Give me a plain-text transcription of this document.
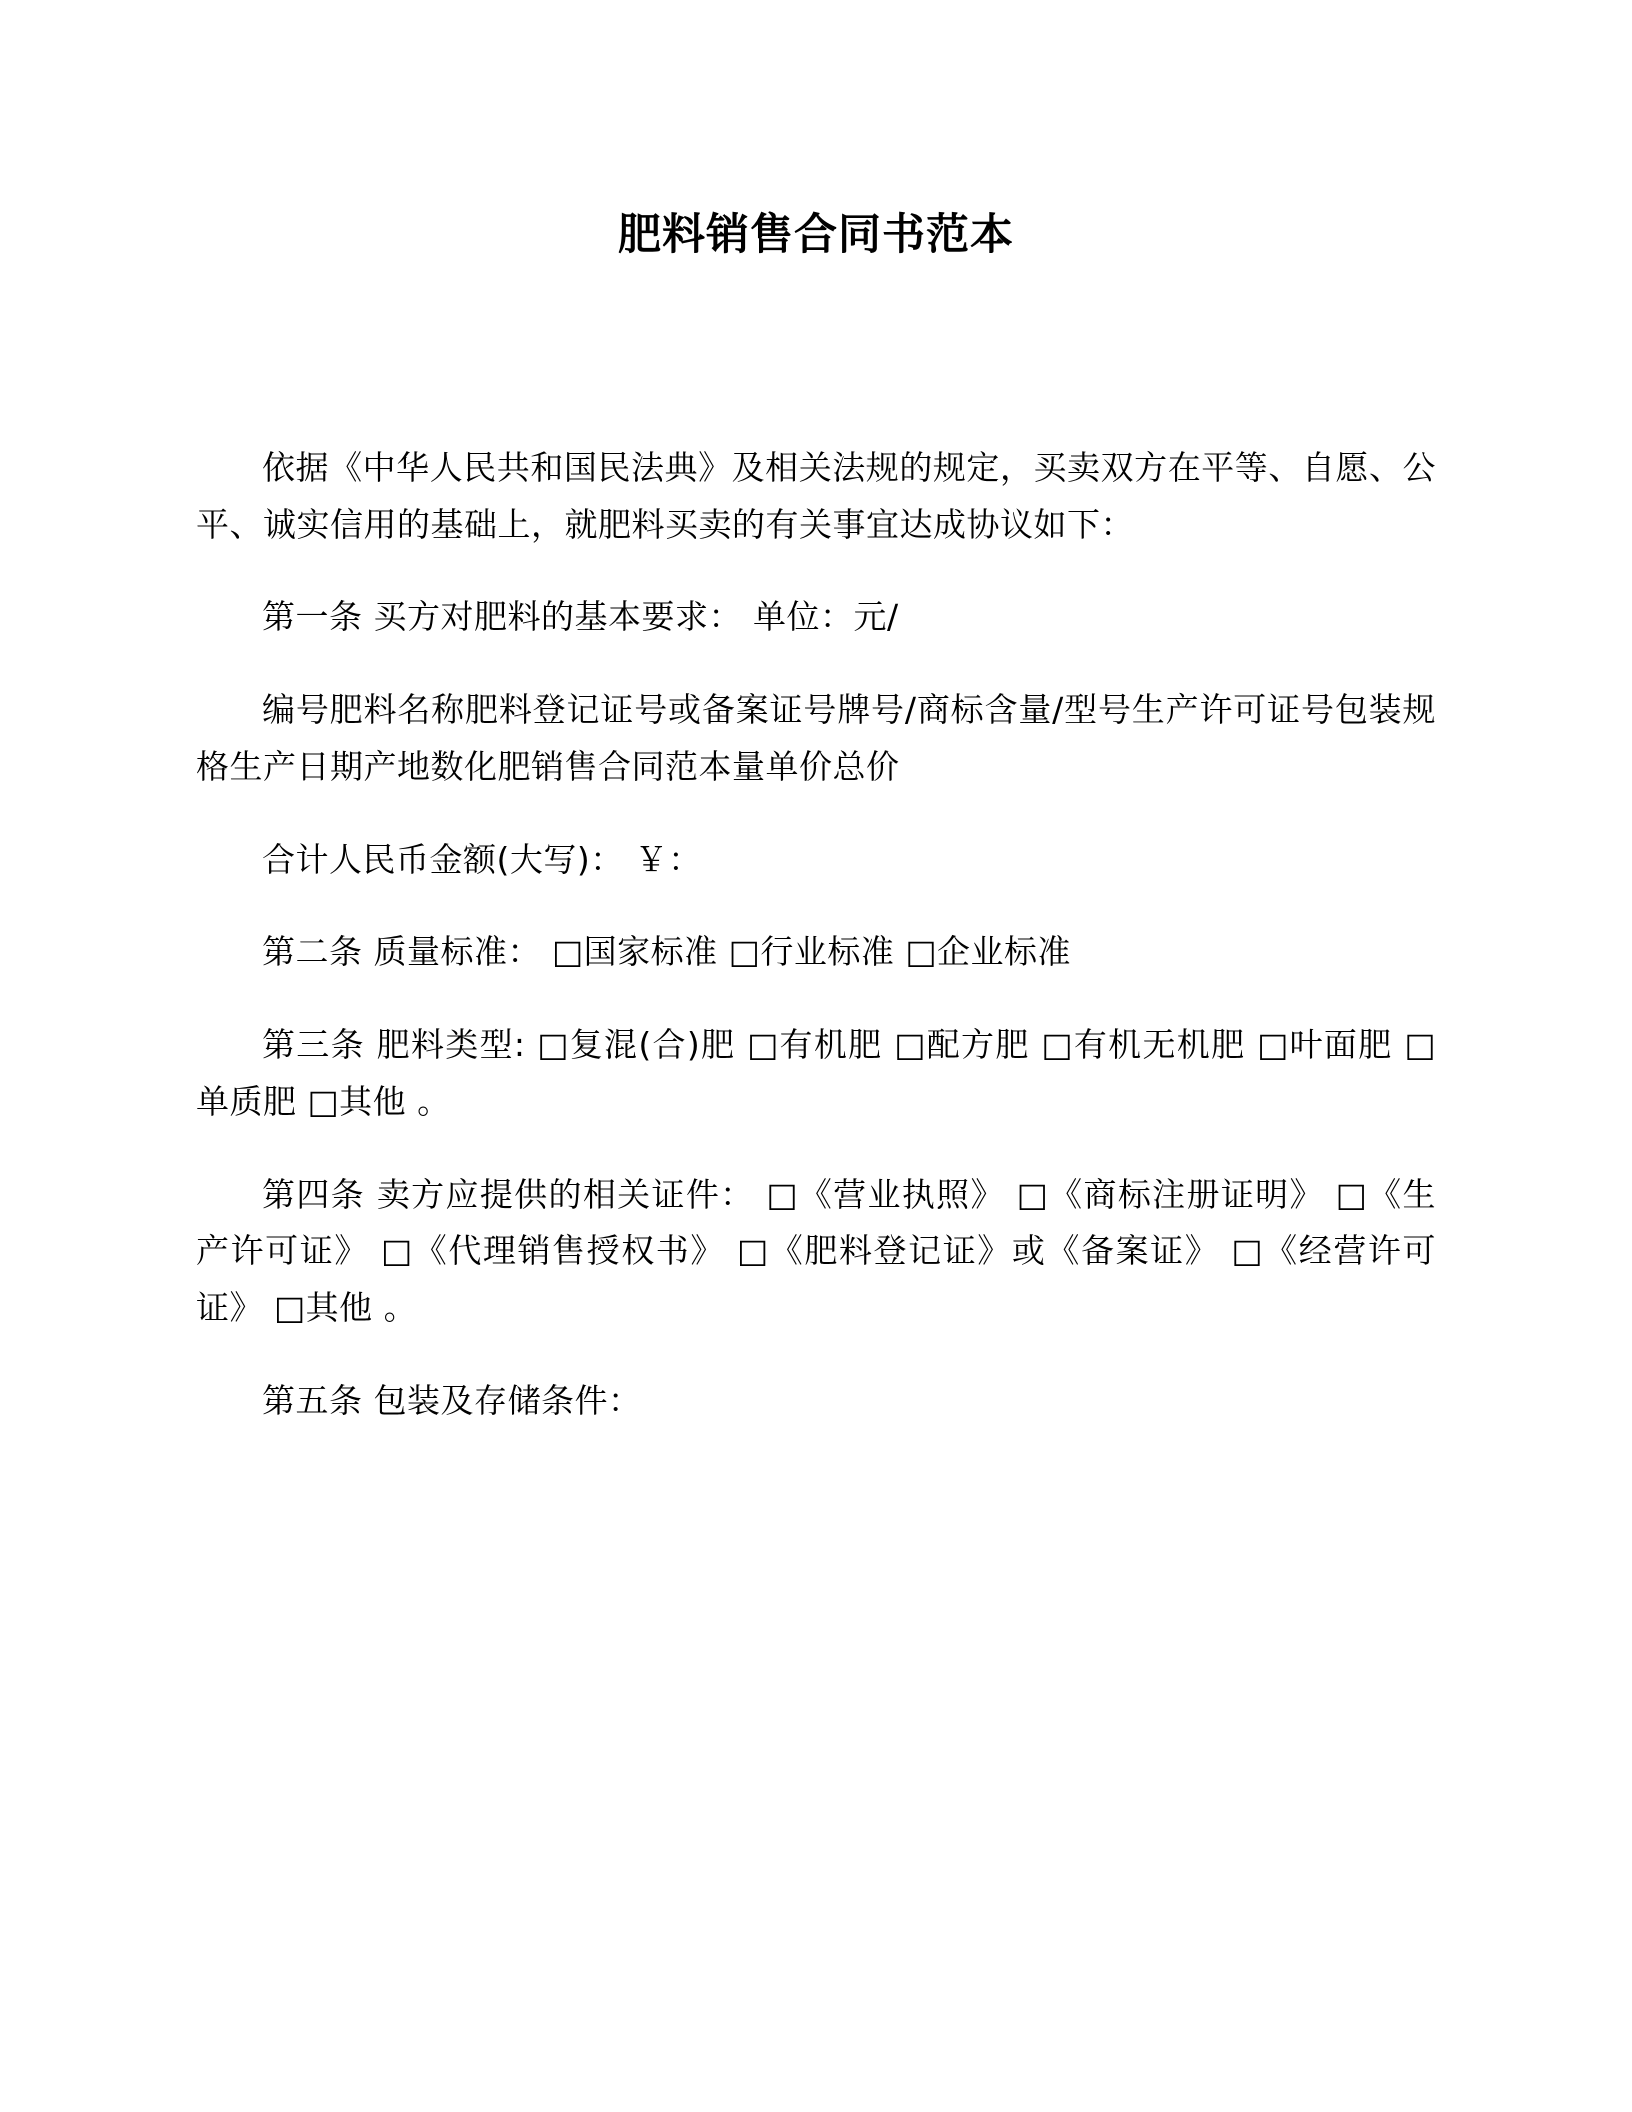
肥料销售合同书范本

依据《中华人民共和国民法典》及相关法规的规定，买卖双方在平等、自愿、公平、诚实信用的基础上，就肥料买卖的有关事宜达成协议如下：

第一条 买方对肥料的基本要求： 单位：元/

编号肥料名称肥料登记证号或备案证号牌号/商标含量/型号生产许可证号包装规格生产日期产地数化肥销售合同范本量单价总价

合计人民币金额(大写)： ￥：

第二条 质量标准： □国家标准 □行业标准 □企业标准

第三条 肥料类型: □复混(合)肥 □有机肥 □配方肥 □有机无机肥 □叶面肥 □单质肥 □其他 。

第四条 卖方应提供的相关证件： □《营业执照》 □《商标注册证明》 □《生产许可证》 □《代理销售授权书》 □《肥料登记证》或《备案证》 □《经营许可证》 □其他 。

第五条 包装及存储条件：
